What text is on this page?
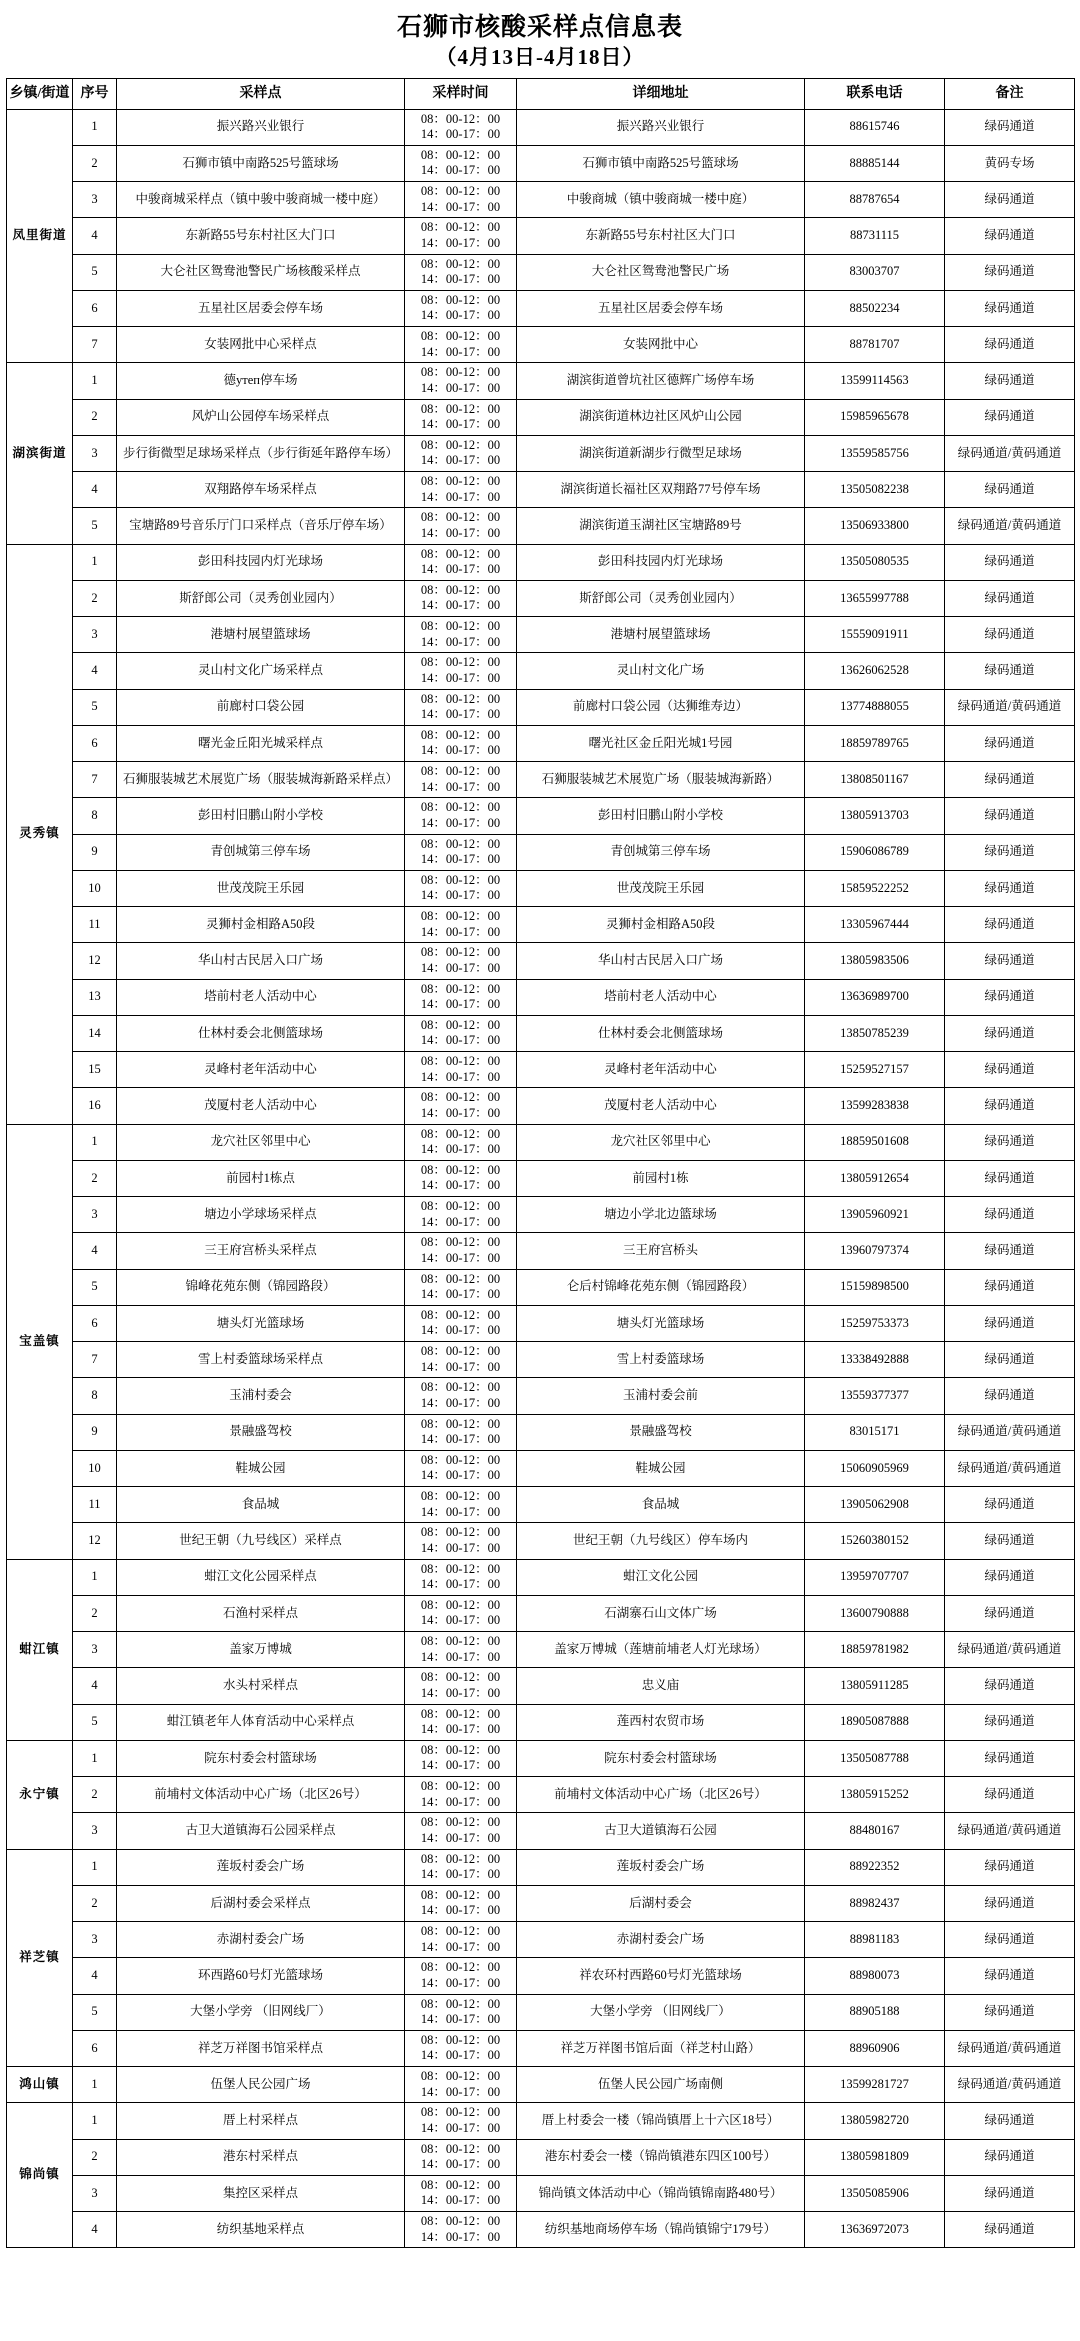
石狮市核酸采样点信息表
（4月13日-4月18日）
乡镇/街道	序号	采样点	采样时间	详细地址	联系电话	备注
凤里街道	1	振兴路兴业银行	08：00-12：00
14：00-17：00	振兴路兴业银行	88615746	绿码通道
	2	石狮市镇中南路525号篮球场	08：00-12：00
14：00-17：00	石狮市镇中南路525号篮球场	88885144	黄码专场
	3	中骏商城采样点（镇中骏中骏商城一楼中庭）	08：00-12：00
14：00-17：00	中骏商城（镇中骏商城一楼中庭）	88787654	绿码通道
	4	东新路55号东村社区大门口	08：00-12：00
14：00-17：00	东新路55号东村社区大门口	88731115	绿码通道
	5	大仑社区鸳鸯池警民广场核酸采样点	08：00-12：00
14：00-17：00	大仑社区鸳鸯池警民广场	83003707	绿码通道
	6	五星社区居委会停车场	08：00-12：00
14：00-17：00	五星社区居委会停车场	88502234	绿码通道
	7	女装网批中心采样点	08：00-12：00
14：00-17：00	女装网批中心	88781707	绿码通道
湖滨街道	1	德утеп停车场	08：00-12：00
14：00-17：00	湖滨街道曾坑社区德辉广场停车场	13599114563	绿码通道
	2	风炉山公园停车场采样点	08：00-12：00
14：00-17：00	湖滨街道林边社区风炉山公园	15985965678	绿码通道
	3	步行街微型足球场采样点（步行街延年路停车场）	08：00-12：00
14：00-17：00	湖滨街道新湖步行微型足球场	13559585756	绿码通道/黄码通道
	4	双翔路停车场采样点	08：00-12：00
14：00-17：00	湖滨街道长福社区双翔路77号停车场	13505082238	绿码通道
	5	宝塘路89号音乐厅门口采样点（音乐厅停车场）	08：00-12：00
14：00-17：00	湖滨街道玉湖社区宝塘路89号	13506933800	绿码通道/黄码通道
灵秀镇	1	彭田科技园内灯光球场	08：00-12：00
14：00-17：00	彭田科技园内灯光球场	13505080535	绿码通道
	2	斯舒郎公司（灵秀创业园内）	08：00-12：00
14：00-17：00	斯舒郎公司（灵秀创业园内）	13655997788	绿码通道
	3	港塘村展望篮球场	08：00-12：00
14：00-17：00	港塘村展望篮球场	15559091911	绿码通道
	4	灵山村文化广场采样点	08：00-12：00
14：00-17：00	灵山村文化广场	13626062528	绿码通道
	5	前廊村口袋公园	08：00-12：00
14：00-17：00	前廊村口袋公园（达狮维寿边）	13774888055	绿码通道/黄码通道
	6	曙光金丘阳光城采样点	08：00-12：00
14：00-17：00	曙光社区金丘阳光城1号园	18859789765	绿码通道
	7	石狮服装城艺术展览广场（服装城海新路采样点）	08：00-12：00
14：00-17：00	石狮服装城艺术展览广场（服装城海新路）	13808501167	绿码通道
	8	彭田村旧鹏山附小学校	08：00-12：00
14：00-17：00	彭田村旧鹏山附小学校	13805913703	绿码通道
	9	青创城第三停车场	08：00-12：00
14：00-17：00	青创城第三停车场	15906086789	绿码通道
	10	世茂茂院王乐园	08：00-12：00
14：00-17：00	世茂茂院王乐园	15859522252	绿码通道
	11	灵狮村金相路A50段	08：00-12：00
14：00-17：00	灵狮村金相路A50段	13305967444	绿码通道
	12	华山村古民居入口广场	08：00-12：00
14：00-17：00	华山村古民居入口广场	13805983506	绿码通道
	13	塔前村老人活动中心	08：00-12：00
14：00-17：00	塔前村老人活动中心	13636989700	绿码通道
	14	仕林村委会北侧篮球场	08：00-12：00
14：00-17：00	仕林村委会北侧篮球场	13850785239	绿码通道
	15	灵峰村老年活动中心	08：00-12：00
14：00-17：00	灵峰村老年活动中心	15259527157	绿码通道
	16	茂厦村老人活动中心	08：00-12：00
14：00-17：00	茂厦村老人活动中心	13599283838	绿码通道
宝盖镇	1	龙穴社区邻里中心	08：00-12：00
14：00-17：00	龙穴社区邻里中心	18859501608	绿码通道
	2	前园村1栋点	08：00-12：00
14：00-17：00	前园村1栋	13805912654	绿码通道
	3	塘边小学球场采样点	08：00-12：00
14：00-17：00	塘边小学北边篮球场	13905960921	绿码通道
	4	三王府宫桥头采样点	08：00-12：00
14：00-17：00	三王府宫桥头	13960797374	绿码通道
	5	锦峰花苑东侧（锦园路段）	08：00-12：00
14：00-17：00	仑后村锦峰花苑东侧（锦园路段）	15159898500	绿码通道
	6	塘头灯光篮球场	08：00-12：00
14：00-17：00	塘头灯光篮球场	15259753373	绿码通道
	7	雪上村委篮球场采样点	08：00-12：00
14：00-17：00	雪上村委篮球场	13338492888	绿码通道
	8	玉浦村委会	08：00-12：00
14：00-17：00	玉浦村委会前	13559377377	绿码通道
	9	景融盛驾校	08：00-12：00
14：00-17：00	景融盛驾校	83015171	绿码通道/黄码通道
	10	鞋城公园	08：00-12：00
14：00-17：00	鞋城公园	15060905969	绿码通道/黄码通道
	11	食品城	08：00-12：00
14：00-17：00	食品城	13905062908	绿码通道
	12	世纪王朝（九号线区）采样点	08：00-12：00
14：00-17：00	世纪王朝（九号线区）停车场内	15260380152	绿码通道
蚶江镇	1	蚶江文化公园采样点	08：00-12：00
14：00-17：00	蚶江文化公园	13959707707	绿码通道
	2	石渔村采样点	08：00-12：00
14：00-17：00	石湖寨石山文体广场	13600790888	绿码通道
	3	盖家万博城	08：00-12：00
14：00-17：00	盖家万博城（莲塘前埔老人灯光球场）	18859781982	绿码通道/黄码通道
	4	水头村采样点	08：00-12：00
14：00-17：00	忠义庙	13805911285	绿码通道
	5	蚶江镇老年人体育活动中心采样点	08：00-12：00
14：00-17：00	莲西村农贸市场	18905087888	绿码通道
永宁镇	1	院东村委会村篮球场	08：00-12：00
14：00-17：00	院东村委会村篮球场	13505087788	绿码通道
	2	前埔村文体活动中心广场（北区26号）	08：00-12：00
14：00-17：00	前埔村文体活动中心广场（北区26号）	13805915252	绿码通道
	3	古卫大道镇海石公园采样点	08：00-12：00
14：00-17：00	古卫大道镇海石公园	88480167	绿码通道/黄码通道
祥芝镇	1	莲坂村委会广场	08：00-12：00
14：00-17：00	莲坂村委会广场	88922352	绿码通道
	2	后湖村委会采样点	08：00-12：00
14：00-17：00	后湖村委会	88982437	绿码通道
	3	赤湖村委会广场	08：00-12：00
14：00-17：00	赤湖村委会广场	88981183	绿码通道
	4	环西路60号灯光篮球场	08：00-12：00
14：00-17：00	祥农环村西路60号灯光篮球场	88980073	绿码通道
	5	大堡小学旁 （旧网线厂）	08：00-12：00
14：00-17：00	大堡小学旁 （旧网线厂）	88905188	绿码通道
	6	祥芝万祥图书馆采样点	08：00-12：00
14：00-17：00	祥芝万祥图书馆后面（祥芝村山路）	88960906	绿码通道/黄码通道
鸿山镇	1	伍堡人民公园广场	08：00-12：00
14：00-17：00	伍堡人民公园广场南侧	13599281727	绿码通道/黄码通道
锦尚镇	1	厝上村采样点	08：00-12：00
14：00-17：00	厝上村委会一楼（锦尚镇厝上十六区18号）	13805982720	绿码通道
	2	港东村采样点	08：00-12：00
14：00-17：00	港东村委会一楼（锦尚镇港东四区100号）	13805981809	绿码通道
	3	集控区采样点	08：00-12：00
14：00-17：00	锦尚镇文体活动中心（锦尚镇锦南路480号）	13505085906	绿码通道
	4	纺织基地采样点	08：00-12：00
14：00-17：00	纺织基地商场停车场（锦尚镇锦宁179号）	13636972073	绿码通道
